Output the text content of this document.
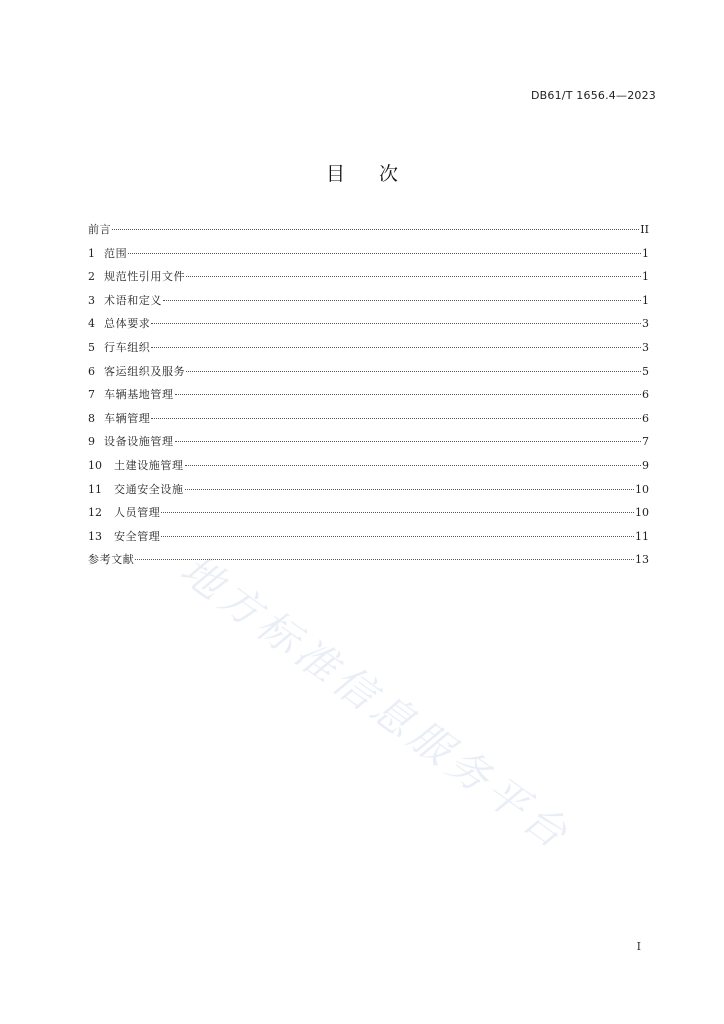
DB61/T 1656.4—2023
目次
前言	II
1 范围	1
2 规范性引用文件	1
3 术语和定义	1
4 总体要求	3
5 行车组织	3
6 客运组织及服务	5
7 车辆基地管理	6
8 车辆管理	6
9 设备设施管理	7
10	土建设施管理	9
11	交通安全设施	10
12	人员管理	10
13	安全管理	11
参考文献	13
地方标准信息服务平台
I
